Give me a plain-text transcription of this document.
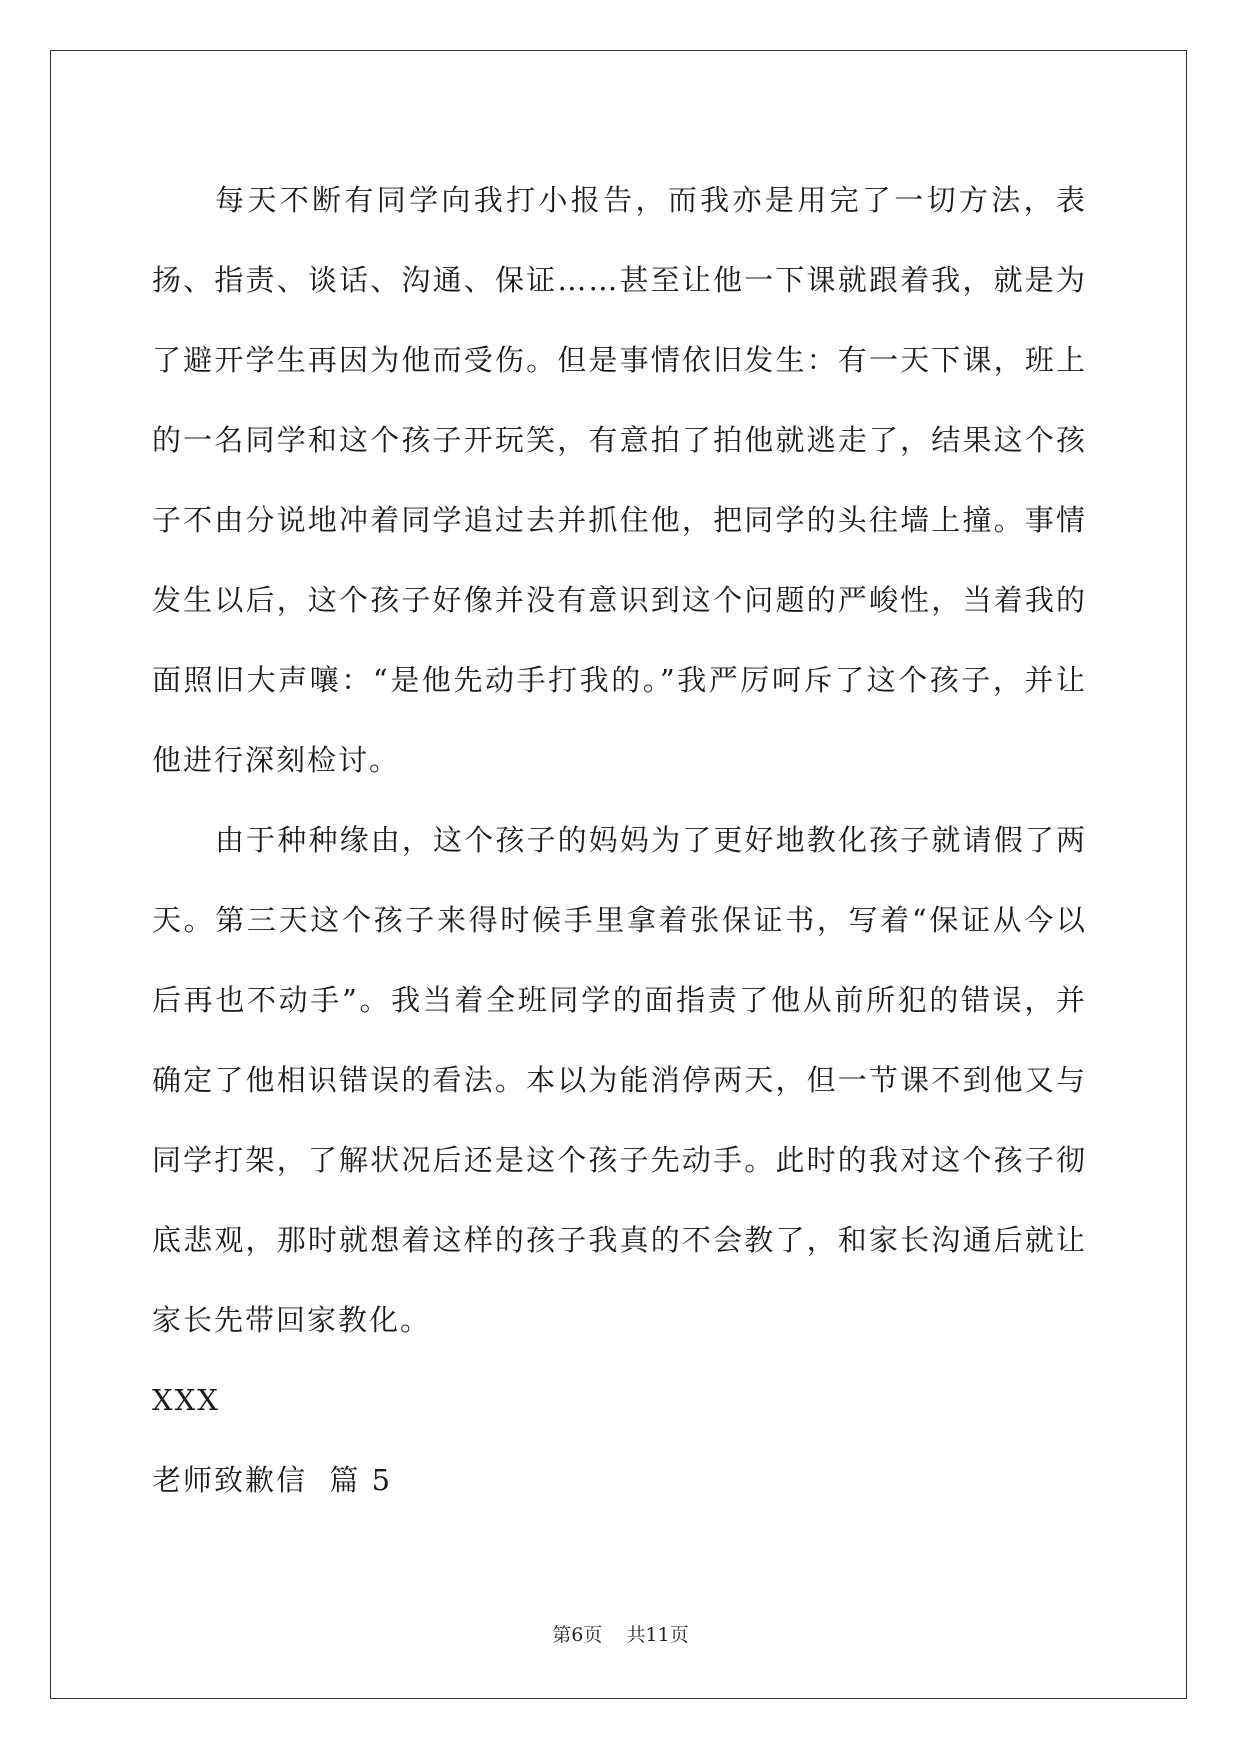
每天不断有同学向我打小报告，而我亦是用完了一切方法，表扬、指责、谈话、沟通、保证……甚至让他一下课就跟着我，就是为了避开学生再因为他而受伤。但是事情依旧发生：有一天下课，班上的一名同学和这个孩子开玩笑，有意拍了拍他就逃走了，结果这个孩子不由分说地冲着同学追过去并抓住他，把同学的头往墙上撞。事情发生以后，这个孩子好像并没有意识到这个问题的严峻性，当着我的面照旧大声嚷：“是他先动手打我的。”我严厉呵斥了这个孩子，并让他进行深刻检讨。

由于种种缘由，这个孩子的妈妈为了更好地教化孩子就请假了两天。第三天这个孩子来得时候手里拿着张保证书，写着“保证从今以后再也不动手”。我当着全班同学的面指责了他从前所犯的错误，并确定了他相识错误的看法。本以为能消停两天，但一节课不到他又与同学打架，了解状况后还是这个孩子先动手。此时的我对这个孩子彻底悲观，那时就想着这样的孩子我真的不会教了，和家长沟通后就让家长先带回家教化。

XXX

老师致歉信  篇 5

第6页    共11页
